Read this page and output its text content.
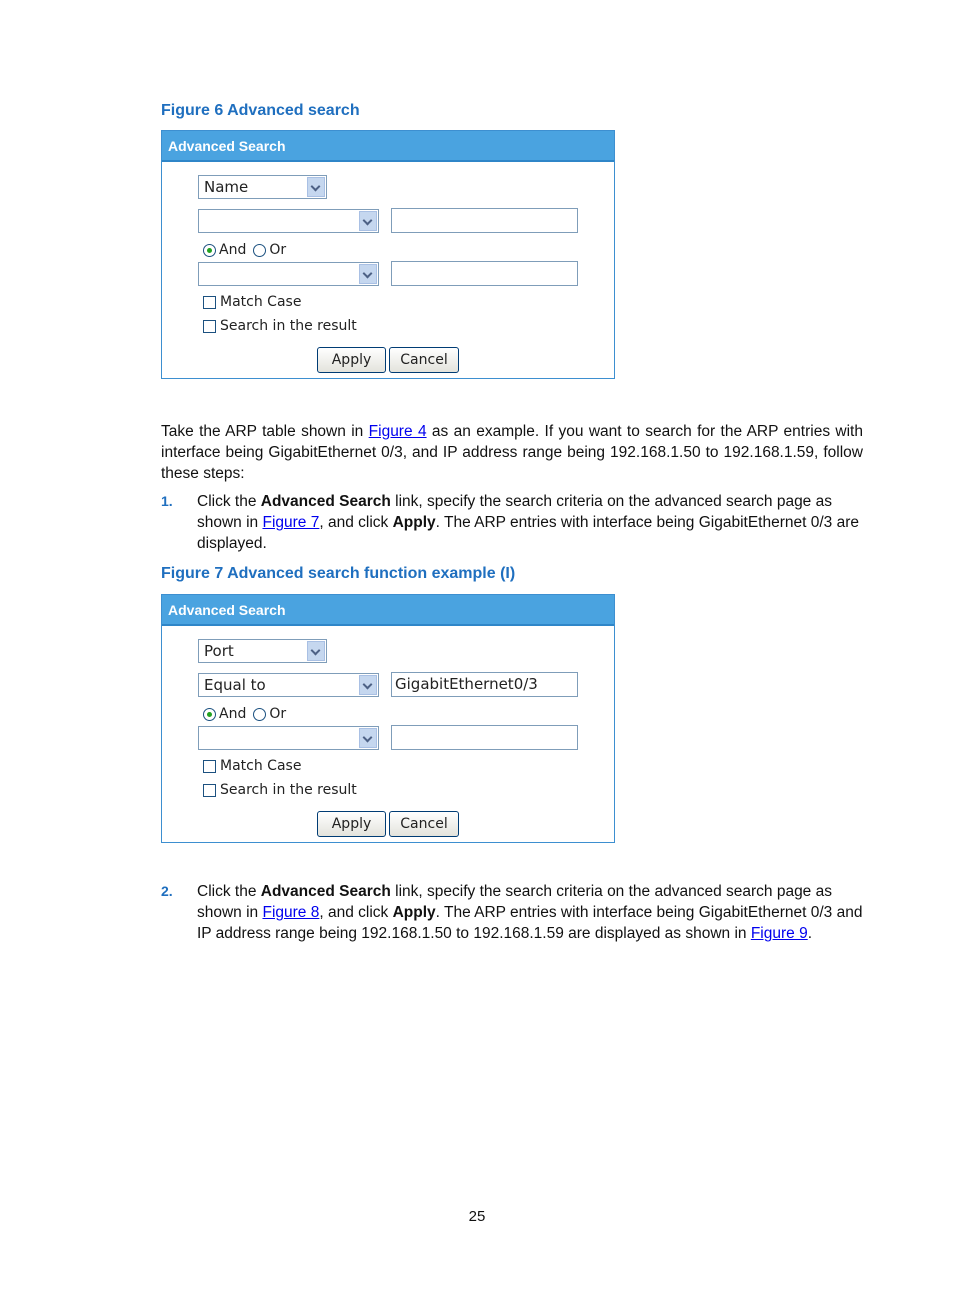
Figure 6 Advanced search
Advanced Search
Name
And Or
Match Case
Search in the result
Apply	Cancel
Take the ARP table shown in Figure 4 as an example. If you want to search for the ARP entries with interface being GigabitEthernet 0/3, and IP address range being 192.168.1.50 to 192.168.1.59, follow these steps:
1. Click the Advanced Search link, specify the search criteria on the advanced search page as shown in Figure 7, and click Apply. The ARP entries with interface being GigabitEthernet 0/3 are displayed.
Figure 7 Advanced search function example (I)
Advanced Search
Port
Equal to	GigabitEthernet0/3
And Or
Match Case
Search in the result
Apply	Cancel
2. Click the Advanced Search link, specify the search criteria on the advanced search page as shown in Figure 8, and click Apply. The ARP entries with interface being GigabitEthernet 0/3 and IP address range being 192.168.1.50 to 192.168.1.59 are displayed as shown in Figure 9.
25
